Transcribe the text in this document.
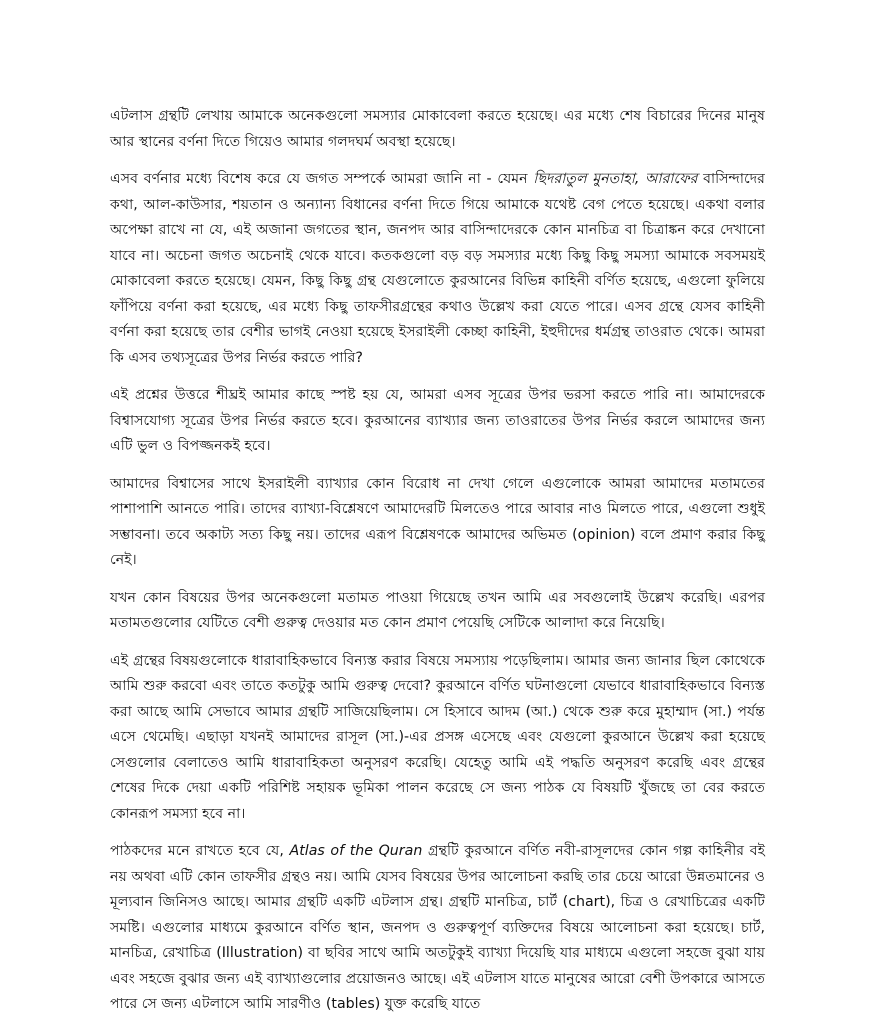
এটলাস গ্রন্থটি লেখায় আমাকে অনেকগুলো সমস্যার মোকাবেলা করতে হয়েছে। এর মধ্যে শেষ বিচারের দিনের মানুষ আর স্থানের বর্ণনা দিতে গিয়েও আমার গলদঘর্ম অবস্থা হয়েছে।

এসব বর্ণনার মধ্যে বিশেষ করে যে জগত সম্পর্কে আমরা জানি না - যেমন ছিদরাতুল মুনতাহা, আরাফের বাসিন্দাদের কথা, আল-কাউসার, শয়তান ও অন্যান্য বিধানের বর্ণনা দিতে গিয়ে আমাকে যথেষ্ট বেগ পেতে হয়েছে। একথা বলার অপেক্ষা রাখে না যে, এই অজানা জগতের স্থান, জনপদ আর বাসিন্দাদেরকে কোন মানচিত্র বা চিত্রাঙ্কন করে দেখানো যাবে না। অচেনা জগত অচেনাই থেকে যাবে। কতকগুলো বড় বড় সমস্যার মধ্যে কিছু কিছু সমস্যা আমাকে সবসময়ই মোকাবেলা করতে হয়েছে। যেমন, কিছু কিছু গ্রন্থ যেগুলোতে কুরআনের বিভিন্ন কাহিনী বর্ণিত হয়েছে, এগুলো ফুলিয়ে ফাঁপিয়ে বর্ণনা করা হয়েছে, এর মধ্যে কিছু তাফসীরগ্রন্থের কথাও উল্লেখ করা যেতে পারে। এসব গ্রন্থে যেসব কাহিনী বর্ণনা করা হয়েছে তার বেশীর ভাগই নেওয়া হয়েছে ইসরাইলী কেচ্ছা কাহিনী, ইহুদীদের ধর্মগ্রন্থ তাওরাত থেকে। আমরা কি এসব তথ্যসূত্রের উপর নির্ভর করতে পারি?

এই প্রশ্নের উত্তরে শীঘ্রই আমার কাছে স্পষ্ট হয় যে, আমরা এসব সূত্রের উপর ভরসা করতে পারি না। আমাদেরকে বিশ্বাসযোগ্য সূত্রের উপর নির্ভর করতে হবে। কুরআনের ব্যাখ্যার জন্য তাওরাতের উপর নির্ভর করলে আমাদের জন্য এটি ভুল ও বিপজ্জনকই হবে।

আমাদের বিশ্বাসের সাথে ইসরাইলী ব্যাখ্যার কোন বিরোধ না দেখা গেলে এগুলোকে আমরা আমাদের মতামতের পাশাপাশি আনতে পারি। তাদের ব্যাখ্যা-বিশ্লেষণে আমাদেরটি মিলতেও পারে আবার নাও মিলতে পারে, এগুলো শুধুই সম্ভাবনা। তবে অকাট্য সত্য কিছু নয়। তাদের এরূপ বিশ্লেষণকে আমাদের অভিমত (opinion) বলে প্রমাণ করার কিছু নেই।

যখন কোন বিষয়ের উপর অনেকগুলো মতামত পাওয়া গিয়েছে তখন আমি এর সবগুলোই উল্লেখ করেছি। এরপর মতামতগুলোর যেটিতে বেশী গুরুত্ব দেওয়ার মত কোন প্রমাণ পেয়েছি সেটিকে আলাদা করে নিয়েছি।

এই গ্রন্থের বিষয়গুলোকে ধারাবাহিকভাবে বিন্যস্ত করার বিষয়ে সমস্যায় পড়েছিলাম। আমার জন্য জানার ছিল কোথেকে আমি শুরু করবো এবং তাতে কতটুকু আমি গুরুত্ব দেবো? কুরআনে বর্ণিত ঘটনাগুলো যেভাবে ধারাবাহিকভাবে বিন্যস্ত করা আছে আমি সেভাবে আমার গ্রন্থটি সাজিয়েছিলাম। সে হিসাবে আদম (আ.) থেকে শুরু করে মুহাম্মাদ (সা.) পর্যন্ত এসে থেমেছি। এছাড়া যখনই আমাদের রাসূল (সা.)-এর প্রসঙ্গ এসেছে এবং যেগুলো কুরআনে উল্লেখ করা হয়েছে সেগুলোর বেলাতেও আমি ধারাবাহিকতা অনুসরণ করেছি। যেহেতু আমি এই পদ্ধতি অনুসরণ করেছি এবং গ্রন্থের শেষের দিকে দেয়া একটি পরিশিষ্ট সহায়ক ভূমিকা পালন করেছে সে জন্য পাঠক যে বিষয়টি খুঁজছে তা বের করতে কোনরূপ সমস্যা হবে না।

পাঠকদের মনে রাখতে হবে যে, Atlas of the Quran গ্রন্থটি কুরআনে বর্ণিত নবী-রাসূলদের কোন গল্প কাহিনীর বই নয় অথবা এটি কোন তাফসীর গ্রন্থও নয়। আমি যেসব বিষয়ের উপর আলোচনা করছি তার চেয়ে আরো উন্নতমানের ও মূল্যবান জিনিসও আছে। আমার গ্রন্থটি একটি এটলাস গ্রন্থ। গ্রন্থটি মানচিত্র, চার্ট (chart), চিত্র ও রেখাচিত্রের একটি সমষ্টি। এগুলোর মাধ্যমে কুরআনে বর্ণিত স্থান, জনপদ ও গুরুত্বপূর্ণ ব্যক্তিদের বিষয়ে আলোচনা করা হয়েছে। চার্ট, মানচিত্র, রেখাচিত্র (Illustration) বা ছবির সাথে আমি অতটুকুই ব্যাখ্যা দিয়েছি যার মাধ্যমে এগুলো সহজে বুঝা যায় এবং সহজে বুঝার জন্য এই ব্যাখ্যাগুলোর প্রয়োজনও আছে। এই এটলাস যাতে মানুষের আরো বেশী উপকারে আসতে পারে সে জন্য এটলাসে আমি সারণীও (tables) যুক্ত করেছি যাতে
